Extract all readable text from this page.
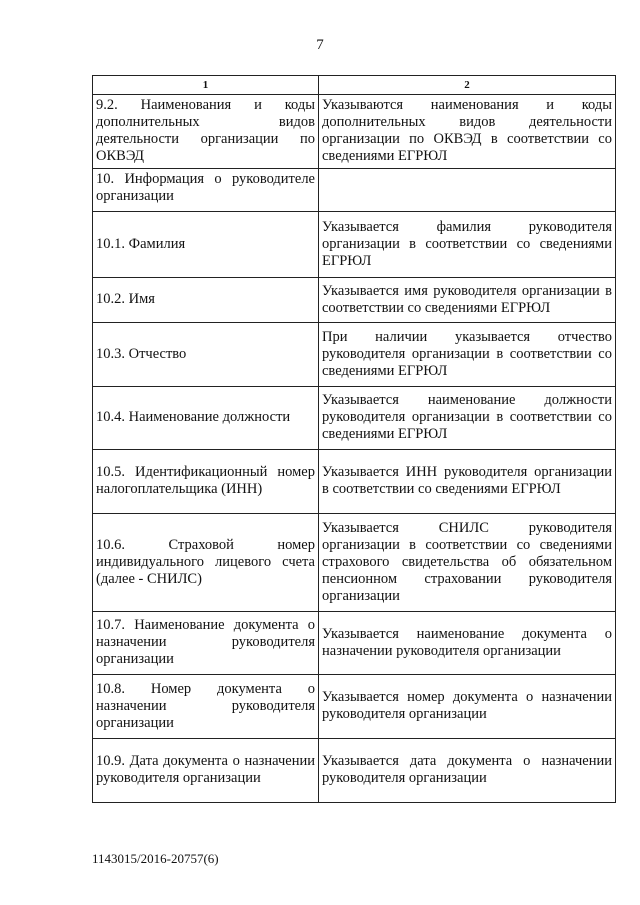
7
1	2
9.2. Наименования и коды дополнительных видов деятельности организации по ОКВЭД	Указываются наименования и коды дополнительных видов деятельности организации по ОКВЭД в соответствии со сведениями ЕГРЮЛ
10. Информация о руководителе организации	
10.1. Фамилия	Указывается фамилия руководителя организации в соответствии со сведениями ЕГРЮЛ
10.2. Имя	Указывается имя руководителя организации в соответствии со сведениями ЕГРЮЛ
10.3. Отчество	При наличии указывается отчество руководителя организации в соответствии со сведениями ЕГРЮЛ
10.4. Наименование должности	Указывается наименование должности руководителя организации в соответствии со сведениями ЕГРЮЛ
10.5. Идентификационный номер налогоплательщика (ИНН)	Указывается ИНН руководителя организации в соответствии со сведениями ЕГРЮЛ
10.6. Страховой номер индивидуального лицевого счета (далее - СНИЛС)	Указывается СНИЛС руководителя организации в соответствии со сведениями страхового свидетельства об обязательном пенсионном страховании руководителя организации
10.7. Наименование документа о назначении руководителя организации	Указывается наименование документа о назначении руководителя организации
10.8. Номер документа о назначении руководителя организации	Указывается номер документа о назначении руководителя организации
10.9. Дата документа о назначении руководителя организации	Указывается дата документа о назначении руководителя организации
1143015/2016-20757(6)
